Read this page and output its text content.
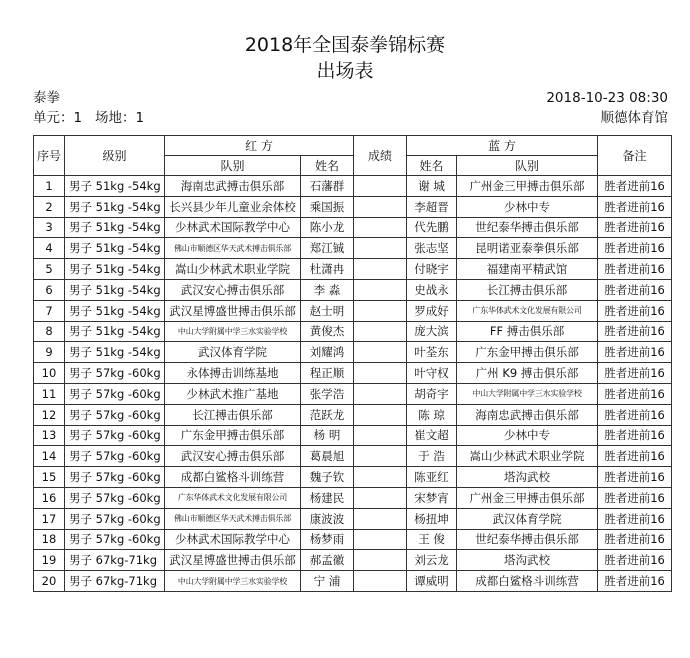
2018年全国泰拳锦标赛
出场表
泰拳	2018-10-23 08:30
单元：1   场地：1	顺德体育馆
序号	级别	红 方		成绩	蓝 方		备注
		队别	姓名		姓名	队别	
1	男子 51kg -54kg	海南忠武搏击俱乐部	石藩群		谢 城	广州金三甲搏击俱乐部	胜者进前16
2	男子 51kg -54kg	长兴县少年儿童业余体校	乘国振		李超晋	少林中专	胜者进前16
3	男子 51kg -54kg	少林武术国际教学中心	陈小龙		代先鹏	世纪泰华搏击俱乐部	胜者进前16
4	男子 51kg -54kg	佛山市顺德区华天武术搏击俱乐部	郑江铖		张志坚	昆明诺亚泰拳俱乐部	胜者进前16
5	男子 51kg -54kg	嵩山少林武术职业学院	杜潇冉		付晓宇	福建南平精武馆	胜者进前16
6	男子 51kg -54kg	武汉安心搏击俱乐部	李 淼		史战永	长江搏击俱乐部	胜者进前16
7	男子 51kg -54kg	武汉星博盛世搏击俱乐部	赵士明		罗成好	广东华体武术文化发展有限公司	胜者进前16
8	男子 51kg -54kg	中山大学附属中学三水实验学校	黄俊杰		庞大滨	FF 搏击俱乐部	胜者进前16
9	男子 51kg -54kg	武汉体育学院	刘耀鸿		叶荃东	广东金甲搏击俱乐部	胜者进前16
10	男子 57kg -60kg	永体搏击训练基地	程正顺		叶守权	广州 K9 搏击俱乐部	胜者进前16
11	男子 57kg -60kg	少林武术推广基地	张学浩		胡奇宇	中山大学附属中学三水实验学校	胜者进前16
12	男子 57kg -60kg	长江搏击俱乐部	范跃龙		陈 琼	海南忠武搏击俱乐部	胜者进前16
13	男子 57kg -60kg	广东金甲搏击俱乐部	杨 明		崔文超	少林中专	胜者进前16
14	男子 57kg -60kg	武汉安心搏击俱乐部	葛晨旭		于 浩	嵩山少林武术职业学院	胜者进前16
15	男子 57kg -60kg	成都白鲨格斗训练营	魏子钦		陈亚红	塔沟武校	胜者进前16
16	男子 57kg -60kg	广东华体武术文化发展有限公司	杨建民		宋梦宵	广州金三甲搏击俱乐部	胜者进前16
17	男子 57kg -60kg	佛山市顺德区华天武术搏击俱乐部	康波波		杨扭坤	武汉体育学院	胜者进前16
18	男子 57kg -60kg	少林武术国际教学中心	杨梦雨		王 俊	世纪泰华搏击俱乐部	胜者进前16
19	男子 67kg-71kg	武汉星博盛世搏击俱乐部	郝孟徽		刘云龙	塔沟武校	胜者进前16
20	男子 67kg-71kg	中山大学附属中学三水实验学校	宁 浦		谭威明	成都白鲨格斗训练营	胜者进前16
